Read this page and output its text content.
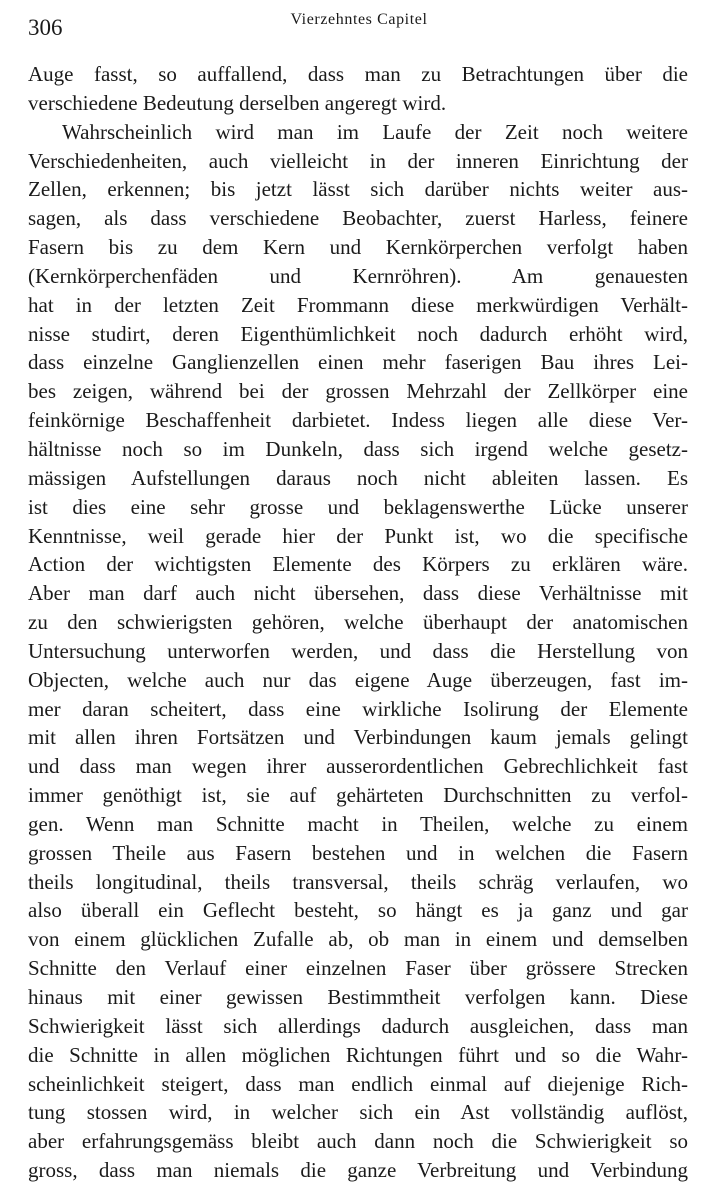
306	Vierzehntes Capitel
Auge fasst, so auffallend, dass man zu Betrachtungen über die
verschiedene Bedeutung derselben angeregt wird.
Wahrscheinlich wird man im Laufe der Zeit noch weitere
Verschiedenheiten, auch vielleicht in der inneren Einrichtung der
Zellen, erkennen; bis jetzt lässt sich darüber nichts weiter aus-
sagen, als dass verschiedene Beobachter, zuerst Harless, feinere
Fasern bis zu dem Kern und Kernkörperchen verfolgt haben
(Kernkörperchenfäden und Kernröhren). Am genauesten
hat in der letzten Zeit Frommann diese merkwürdigen Verhält-
nisse studirt, deren Eigenthümlichkeit noch dadurch erhöht wird,
dass einzelne Ganglienzellen einen mehr faserigen Bau ihres Lei-
bes zeigen, während bei der grossen Mehrzahl der Zellkörper eine
feinkörnige Beschaffenheit darbietet. Indess liegen alle diese Ver-
hältnisse noch so im Dunkeln, dass sich irgend welche gesetz-
mässigen Aufstellungen daraus noch nicht ableiten lassen. Es
ist dies eine sehr grosse und beklagenswerthe Lücke unserer
Kenntnisse, weil gerade hier der Punkt ist, wo die specifische
Action der wichtigsten Elemente des Körpers zu erklären wäre.
Aber man darf auch nicht übersehen, dass diese Verhältnisse mit
zu den schwierigsten gehören, welche überhaupt der anatomischen
Untersuchung unterworfen werden, und dass die Herstellung von
Objecten, welche auch nur das eigene Auge überzeugen, fast im-
mer daran scheitert, dass eine wirkliche Isolirung der Elemente
mit allen ihren Fortsätzen und Verbindungen kaum jemals gelingt
und dass man wegen ihrer ausserordentlichen Gebrechlichkeit fast
immer genöthigt ist, sie auf gehärteten Durchschnitten zu verfol-
gen. Wenn man Schnitte macht in Theilen, welche zu einem
grossen Theile aus Fasern bestehen und in welchen die Fasern
theils longitudinal, theils transversal, theils schräg verlaufen, wo
also überall ein Geflecht besteht, so hängt es ja ganz und gar
von einem glücklichen Zufalle ab, ob man in einem und demselben
Schnitte den Verlauf einer einzelnen Faser über grössere Strecken
hinaus mit einer gewissen Bestimmtheit verfolgen kann. Diese
Schwierigkeit lässt sich allerdings dadurch ausgleichen, dass man
die Schnitte in allen möglichen Richtungen führt und so die Wahr-
scheinlichkeit steigert, dass man endlich einmal auf diejenige Rich-
tung stossen wird, in welcher sich ein Ast vollständig auflöst,
aber erfahrungsgemäss bleibt auch dann noch die Schwierigkeit so
gross, dass man niemals die ganze Verbreitung und Verbindung
